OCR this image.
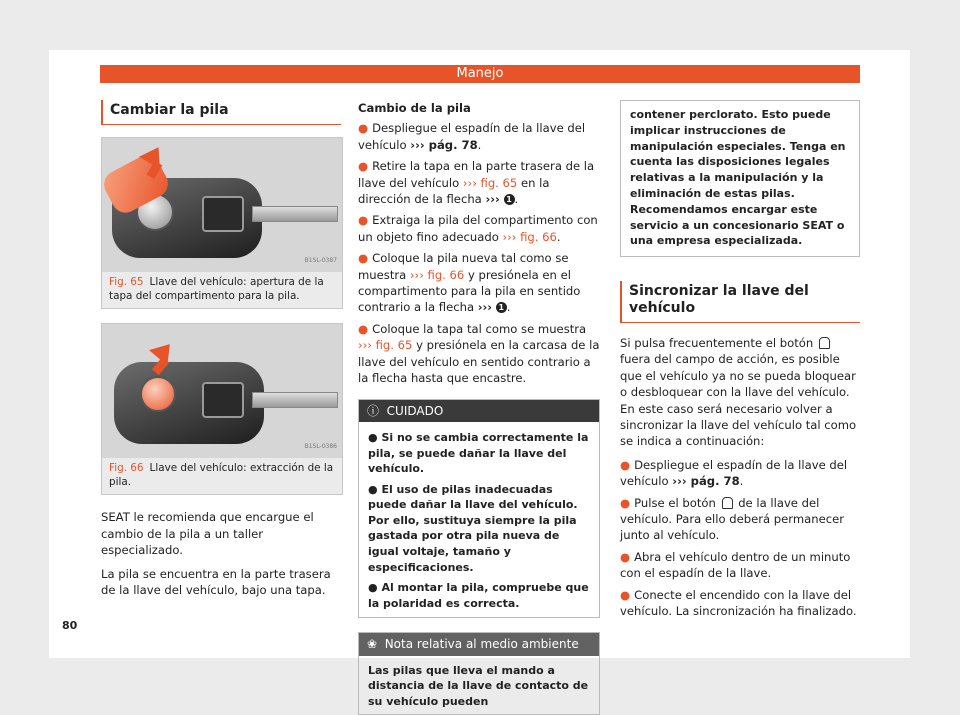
Manejo
Cambiar la pila
B1SL-0387
Fig. 65 Llave del vehículo: apertura de la tapa del compartimento para la pila.
B1SL-0386
Fig. 66 Llave del vehículo: extracción de la pila.

SEAT le recomienda que encargue el cambio de la pila a un taller especializado.

La pila se encuentra en la parte trasera de la llave del vehículo, bajo una tapa.

Cambio de la pila
● Despliegue el espadín de la llave del vehículo ››› pág. 78.
● Retire la tapa en la parte trasera de la llave del vehículo ››› fig. 65 en la dirección de la flecha ››› 1 .
● Extraiga la pila del compartimento con un objeto fino adecuado ››› fig. 66.
● Coloque la pila nueva tal como se muestra ››› fig. 66 y presiónela en el compartimento para la pila en sentido contrario a la flecha ››› 1 .
● Coloque la tapa tal como se muestra ››› fig. 65 y presiónela en la carcasa de la llave del vehículo en sentido contrario a la flecha hasta que encastre.
ⓘ CUIDADO
● Si no se cambia correctamente la pila, se puede dañar la llave del vehículo.
● El uso de pilas inadecuadas puede dañar la llave del vehículo. Por ello, sustituya siempre la pila gastada por otra pila nueva de igual voltaje, tamaño y especificaciones.
● Al montar la pila, compruebe que la polaridad es correcta.
❀ Nota relativa al medio ambiente
Las pilas que lleva el mando a distancia de la llave de contacto de su vehículo pueden
contener perclorato. Esto puede implicar instrucciones de manipulación especiales. Tenga en cuenta las disposiciones legales relativas a la manipulación y la eliminación de estas pilas. Recomendamos encargar este servicio a un concesionario SEAT o una empresa especializada.
Sincronizar la llave del vehículo

Si pulsa frecuentemente el botón  fuera del campo de acción, es posible que el vehículo ya no se pueda bloquear o desbloquear con la llave del vehículo. En este caso será necesario volver a sincronizar la llave del vehículo tal como se indica a continuación:

● Despliegue el espadín de la llave del vehículo ››› pág. 78.
● Pulse el botón de la llave del vehículo. Para ello deberá permanecer junto al vehículo.
● Abra el vehículo dentro de un minuto con el espadín de la llave.
● Conecte el encendido con la llave del vehículo. La sincronización ha finalizado.
80
